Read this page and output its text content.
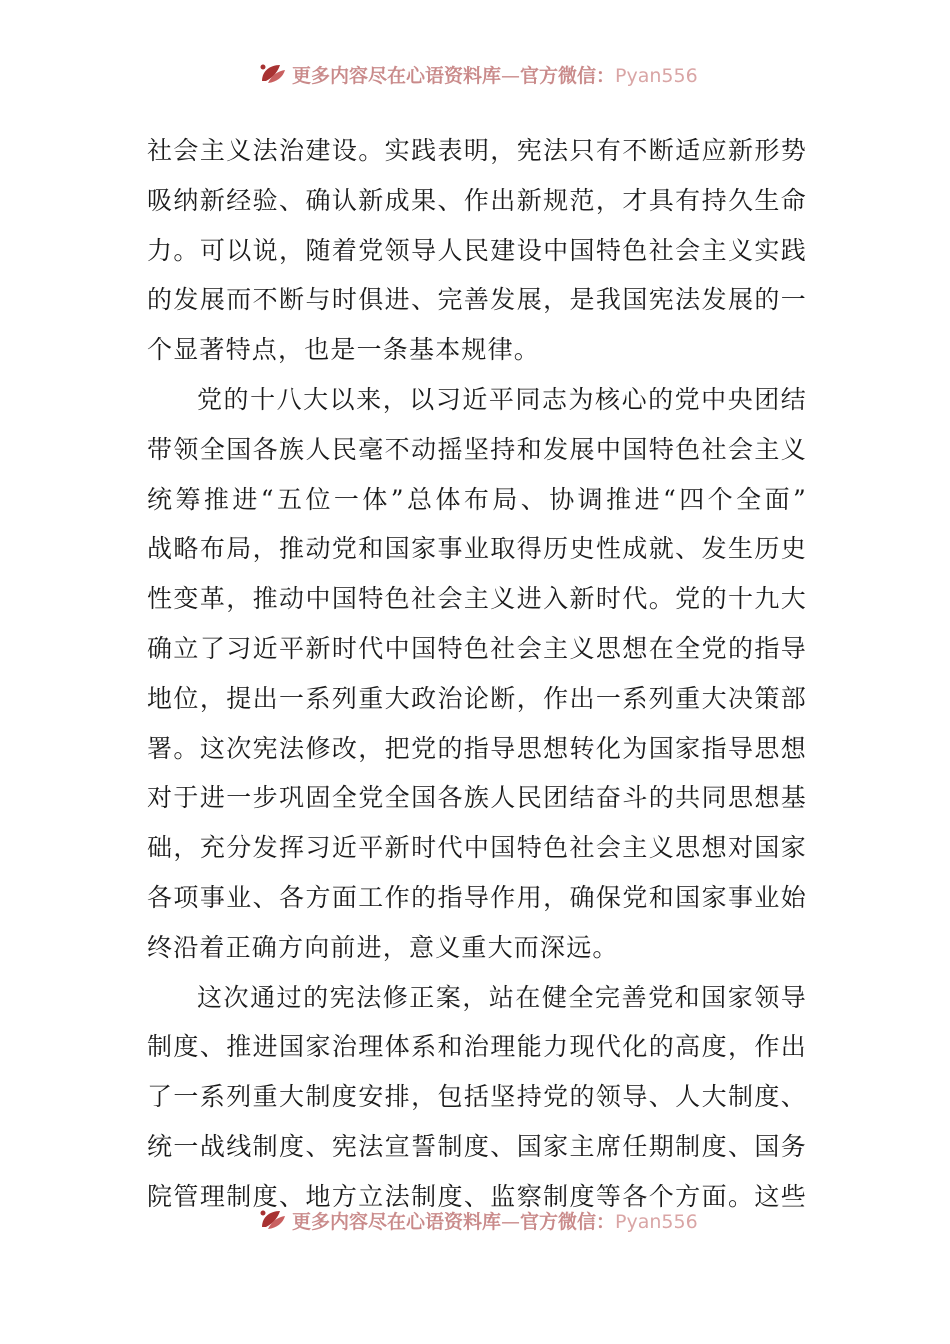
更多内容尽在心语资料库—官方微信：Pyan556
社会主义法治建设。实践表明，宪法只有不断适应新形势
吸纳新经验、确认新成果、作出新规范，才具有持久生命
力。可以说，随着党领导人民建设中国特色社会主义实践
的发展而不断与时俱进、完善发展，是我国宪法发展的一
个显著特点，也是一条基本规律。
党的十八大以来，以习近平同志为核心的党中央团结
带领全国各族人民毫不动摇坚持和发展中国特色社会主义
统筹推进“五位一体”总体布局、协调推进“四个全面”
战略布局，推动党和国家事业取得历史性成就、发生历史
性变革，推动中国特色社会主义进入新时代。党的十九大
确立了习近平新时代中国特色社会主义思想在全党的指导
地位，提出一系列重大政治论断，作出一系列重大决策部
署。这次宪法修改，把党的指导思想转化为国家指导思想
对于进一步巩固全党全国各族人民团结奋斗的共同思想基
础，充分发挥习近平新时代中国特色社会主义思想对国家
各项事业、各方面工作的指导作用，确保党和国家事业始
终沿着正确方向前进，意义重大而深远。
这次通过的宪法修正案，站在健全完善党和国家领导
制度、推进国家治理体系和治理能力现代化的高度，作出
了一系列重大制度安排，包括坚持党的领导、人大制度、
统一战线制度、宪法宣誓制度、国家主席任期制度、国务
院管理制度、地方立法制度、监察制度等各个方面。这些
更多内容尽在心语资料库—官方微信：Pyan556
